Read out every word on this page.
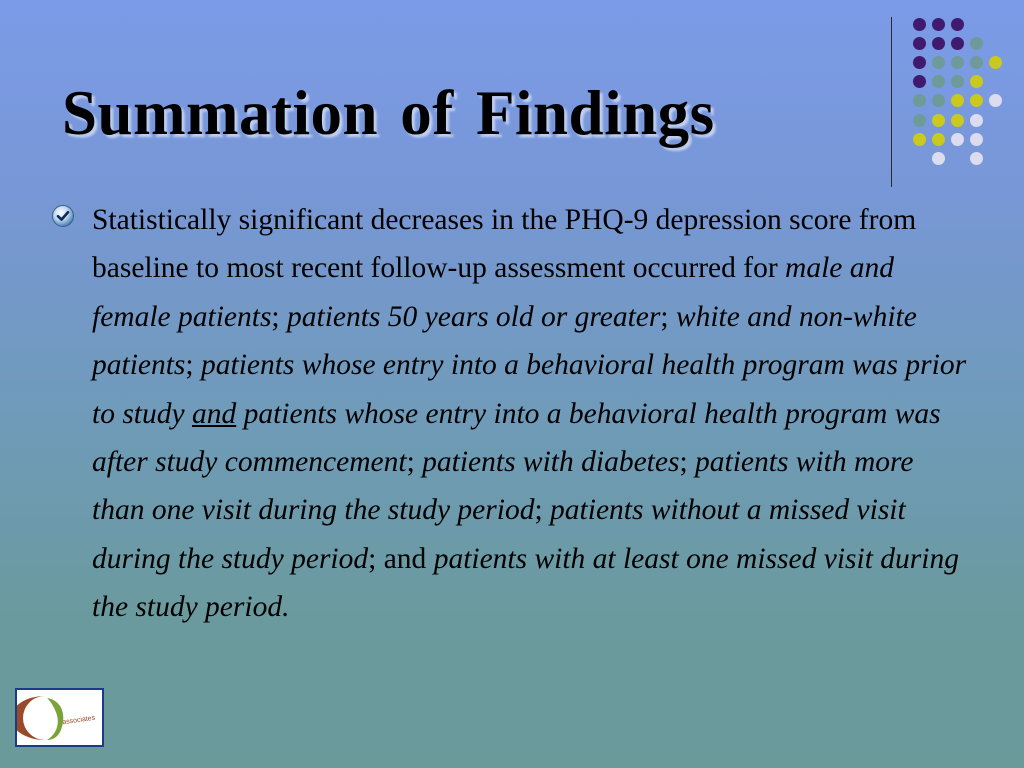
Summation of Findings

Statistically significant decreases in the PHQ-9 depression score from baseline to most recent follow-up assessment occurred for male and female patients; patients 50 years old or greater; white and non-white patients; patients whose entry into a behavioral health program was prior to study and patients whose entry into a behavioral health program was after study commencement; patients with diabetes; patients with more than one visit during the study period; patients without a missed visit during the study period; and patients with at least one missed visit during the study period.

gary bess associates
